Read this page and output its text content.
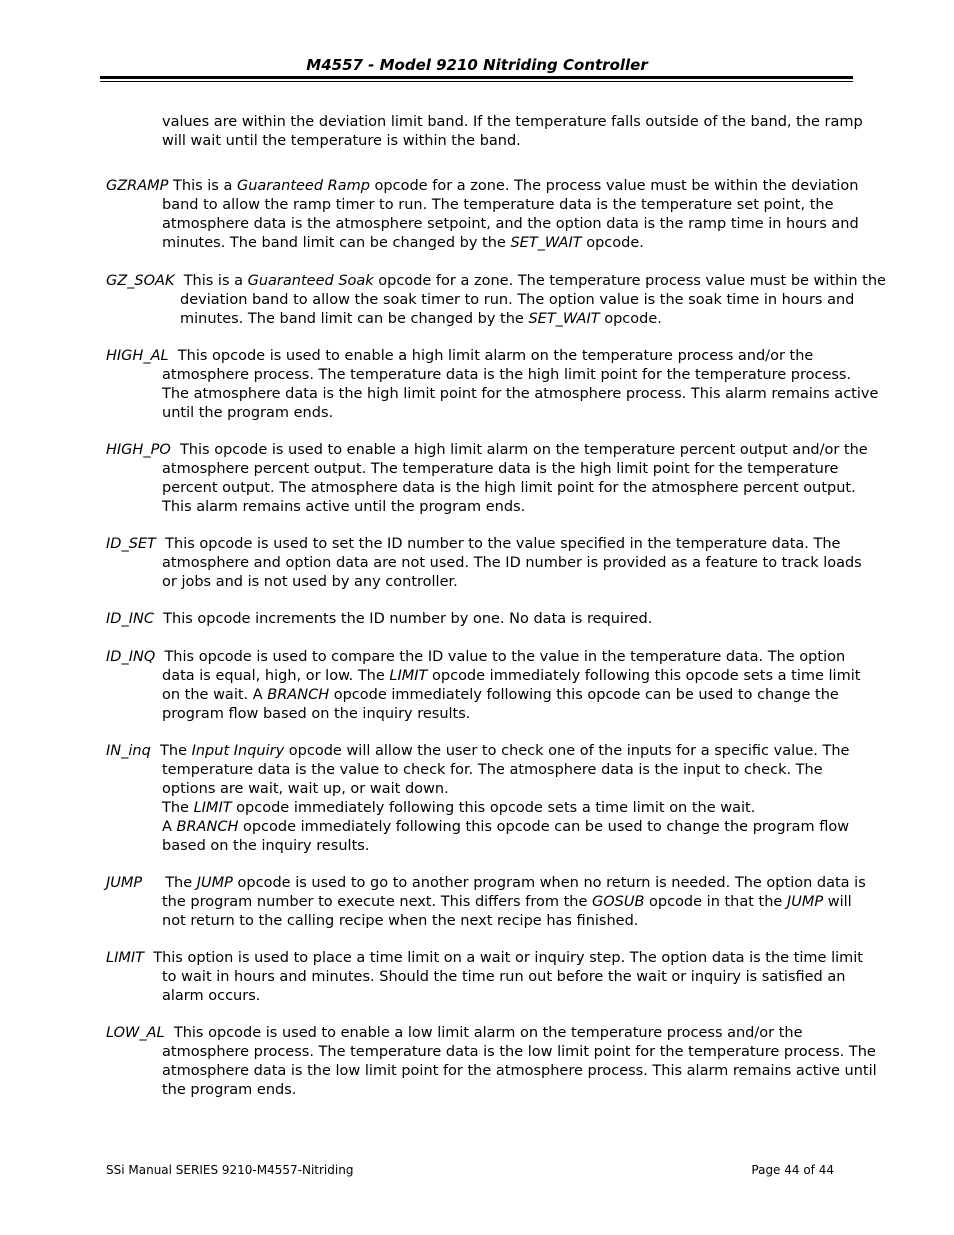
M4557 - Model 9210 Nitriding Controller
values are within the deviation limit band. If the temperature falls outside of the band, the ramp
will wait until the temperature is within the band.
GZRAMP This is a Guaranteed Ramp opcode for a zone. The process value must be within the deviation
band to allow the ramp timer to run. The temperature data is the temperature set point, the
atmosphere data is the atmosphere setpoint, and the option data is the ramp time in hours and
minutes. The band limit can be changed by the SET_WAIT opcode.
GZ_SOAK This is a Guaranteed Soak opcode for a zone. The temperature process value must be within the
deviation band to allow the soak timer to run. The option value is the soak time in hours and
minutes. The band limit can be changed by the SET_WAIT opcode.
HIGH_AL This opcode is used to enable a high limit alarm on the temperature process and/or the
atmosphere process. The temperature data is the high limit point for the temperature process.
The atmosphere data is the high limit point for the atmosphere process. This alarm remains active
until the program ends.
HIGH_PO This opcode is used to enable a high limit alarm on the temperature percent output and/or the
atmosphere percent output. The temperature data is the high limit point for the temperature
percent output. The atmosphere data is the high limit point for the atmosphere percent output.
This alarm remains active until the program ends.
ID_SET This opcode is used to set the ID number to the value specified in the temperature data. The
atmosphere and option data are not used. The ID number is provided as a feature to track loads
or jobs and is not used by any controller.
ID_INC This opcode increments the ID number by one. No data is required.
ID_INQ This opcode is used to compare the ID value to the value in the temperature data. The option
data is equal, high, or low. The LIMIT opcode immediately following this opcode sets a time limit
on the wait. A BRANCH opcode immediately following this opcode can be used to change the
program flow based on the inquiry results.
IN_inq The Input Inquiry opcode will allow the user to check one of the inputs for a specific value. The
temperature data is the value to check for. The atmosphere data is the input to check. The
options are wait, wait up, or wait down.
The LIMIT opcode immediately following this opcode sets a time limit on the wait.
A BRANCH opcode immediately following this opcode can be used to change the program flow
based on the inquiry results.
JUMP The JUMP opcode is used to go to another program when no return is needed. The option data is
the program number to execute next. This differs from the GOSUB opcode in that the JUMP will
not return to the calling recipe when the next recipe has finished.
LIMIT This option is used to place a time limit on a wait or inquiry step. The option data is the time limit
to wait in hours and minutes. Should the time run out before the wait or inquiry is satisfied an
alarm occurs.
LOW_AL This opcode is used to enable a low limit alarm on the temperature process and/or the
atmosphere process. The temperature data is the low limit point for the temperature process. The
atmosphere data is the low limit point for the atmosphere process. This alarm remains active until
the program ends.
SSi Manual SERIES 9210-M4557-Nitriding	Page 44 of 44
